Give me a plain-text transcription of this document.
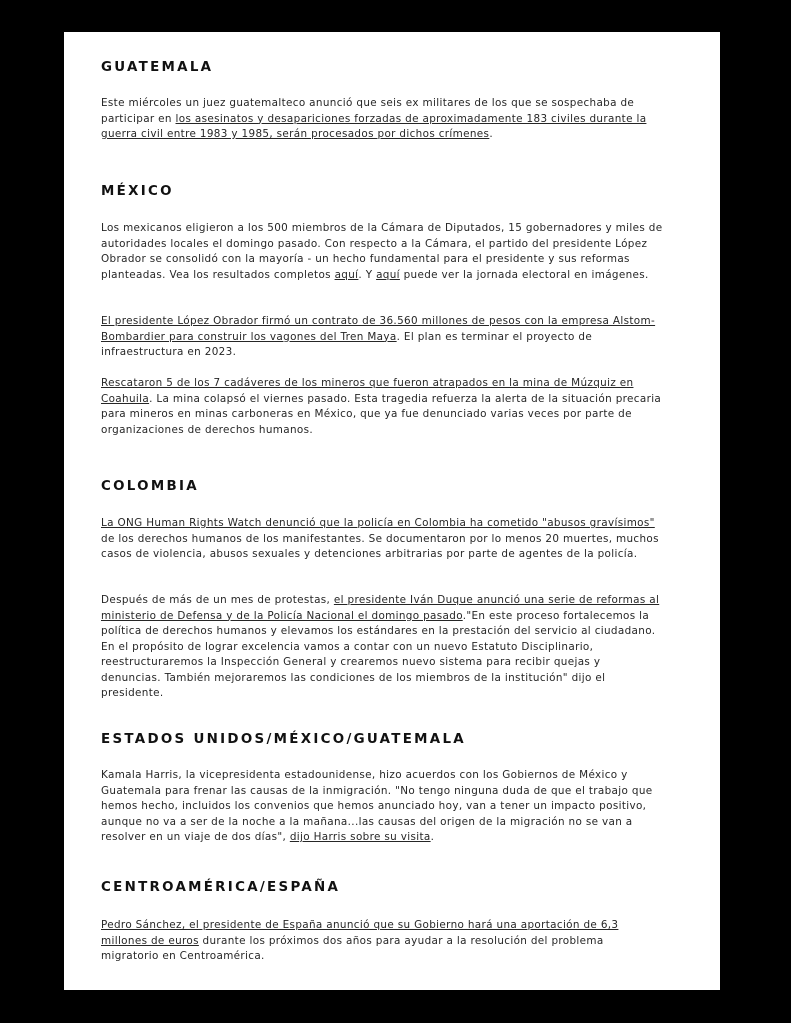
GUATEMALA

Este miércoles un juez guatemalteco anunció que seis ex militares de los que se sospechaba de participar en los asesinatos y desapariciones forzadas de aproximadamente 183 civiles durante la guerra civil entre 1983 y 1985, serán procesados por dichos crímenes.

MÉXICO

Los mexicanos eligieron a los 500 miembros de la Cámara de Diputados, 15 gobernadores y miles de autoridades locales el domingo pasado. Con respecto a la Cámara, el partido del presidente López Obrador se consolidó con la mayoría - un hecho fundamental para el presidente y sus reformas planteadas. Vea los resultados completos aquí. Y aquí puede ver la jornada electoral en imágenes.

El presidente López Obrador firmó un contrato de 36.560 millones de pesos con la empresa Alstom-Bombardier para construir los vagones del Tren Maya. El plan es terminar el proyecto de infraestructura en 2023.

Rescataron 5 de los 7 cadáveres de los mineros que fueron atrapados en la mina de Múzquiz en Coahuila. La mina colapsó el viernes pasado. Esta tragedia refuerza la alerta de la situación precaria para mineros en minas carboneras en México, que ya fue denunciado varias veces por parte de organizaciones de derechos humanos.

COLOMBIA

La ONG Human Rights Watch denunció que la policía en Colombia ha cometido "abusos gravísimos" de los derechos humanos de los manifestantes. Se documentaron por lo menos 20 muertes, muchos casos de violencia, abusos sexuales y detenciones arbitrarias por parte de agentes de la policía.

Después de más de un mes de protestas, el presidente Iván Duque anunció una serie de reformas al ministerio de Defensa y de la Policía Nacional el domingo pasado."En este proceso fortalecemos la política de derechos humanos y elevamos los estándares en la prestación del servicio al ciudadano. En el propósito de lograr excelencia vamos a contar con un nuevo Estatuto Disciplinario, reestructuraremos la Inspección General y crearemos nuevo sistema para recibir quejas y denuncias. También mejoraremos las condiciones de los miembros de la institución" dijo el presidente.

ESTADOS UNIDOS/MÉXICO/GUATEMALA

Kamala Harris, la vicepresidenta estadounidense, hizo acuerdos con los Gobiernos de México y Guatemala para frenar las causas de la inmigración. "No tengo ninguna duda de que el trabajo que hemos hecho, incluidos los convenios que hemos anunciado hoy, van a tener un impacto positivo, aunque no va a ser de la noche a la mañana...las causas del origen de la migración no se van a resolver en un viaje de dos días", dijo Harris sobre su visita.

CENTROAMÉRICA/ESPAÑA

Pedro Sánchez, el presidente de España anunció que su Gobierno hará una aportación de 6,3 millones de euros durante los próximos dos años para ayudar a la resolución del problema migratorio en Centroamérica.
